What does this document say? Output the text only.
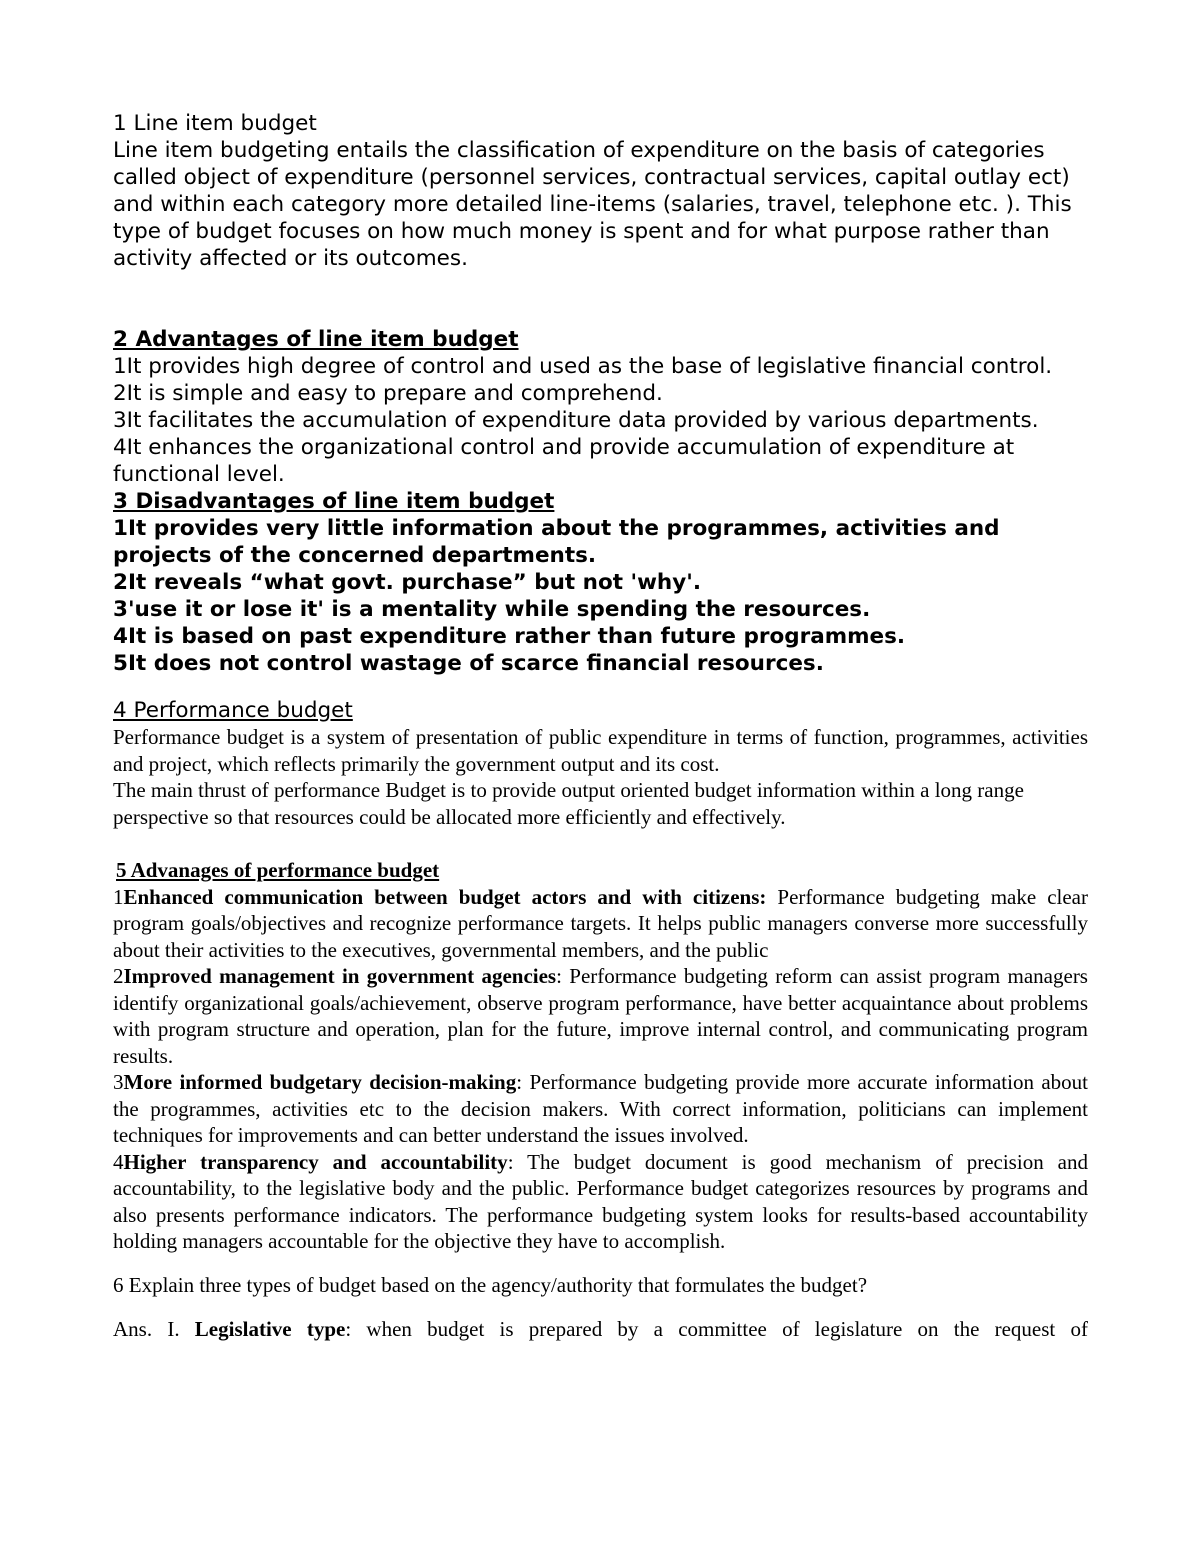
1 Line item budget

Line item budgeting entails the classification of expenditure on the basis of categories called object of expenditure (personnel services, contractual services, capital outlay ect) and within each category more detailed line-items (salaries, travel, telephone etc. ). This type of budget focuses on how much money is spent and for what purpose rather than activity affected or its outcomes.

2 Advantages of line item budget

1It provides high degree of control and used as the base of legislative financial control.

2It is simple and easy to prepare and comprehend.

3It facilitates the accumulation of expenditure data provided by various departments.

4It enhances the organizational control and provide accumulation of expenditure at functional level.

3 Disadvantages of line item budget

1It provides very little information about the programmes, activities and projects of the concerned departments.

2It reveals “what govt. purchase” but not 'why'.

3'use it or lose it' is a mentality while spending the resources.

4It is based on past expenditure rather than future programmes.

5It does not control wastage of scarce financial resources.

4 Performance budget

Performance budget is a system of presentation of public expenditure in terms of function, programmes, activities and project, which reflects primarily the government output and its cost.

The main thrust of performance Budget is to provide output oriented budget information within a long range perspective so that resources could be allocated more efficiently and effectively.

5 Advanages of performance budget

1Enhanced communication between budget actors and with citizens: Performance budgeting make clear program goals/objectives and recognize performance targets. It helps public managers converse more successfully about their activities to the executives, governmental members, and the public

2Improved management in government agencies: Performance budgeting reform can assist program managers identify organizational goals/achievement, observe program performance, have better acquaintance about problems with program structure and operation, plan for the future, improve internal control, and communicating program results.

3More informed budgetary decision-making: Performance budgeting provide more accurate information about the programmes, activities etc to the decision makers. With correct information, politicians can implement techniques for improvements and can better understand the issues involved.

4Higher transparency and accountability: The budget document is good mechanism of precision and accountability, to the legislative body and the public. Performance budget categorizes resources by programs and also presents performance indicators. The performance budgeting system looks for results-based accountability holding managers accountable for the objective they have to accomplish.

6 Explain three types of budget based on the agency/authority that formulates the budget?

Ans. I. Legislative type: when budget is prepared by a committee of legislature on the request of
